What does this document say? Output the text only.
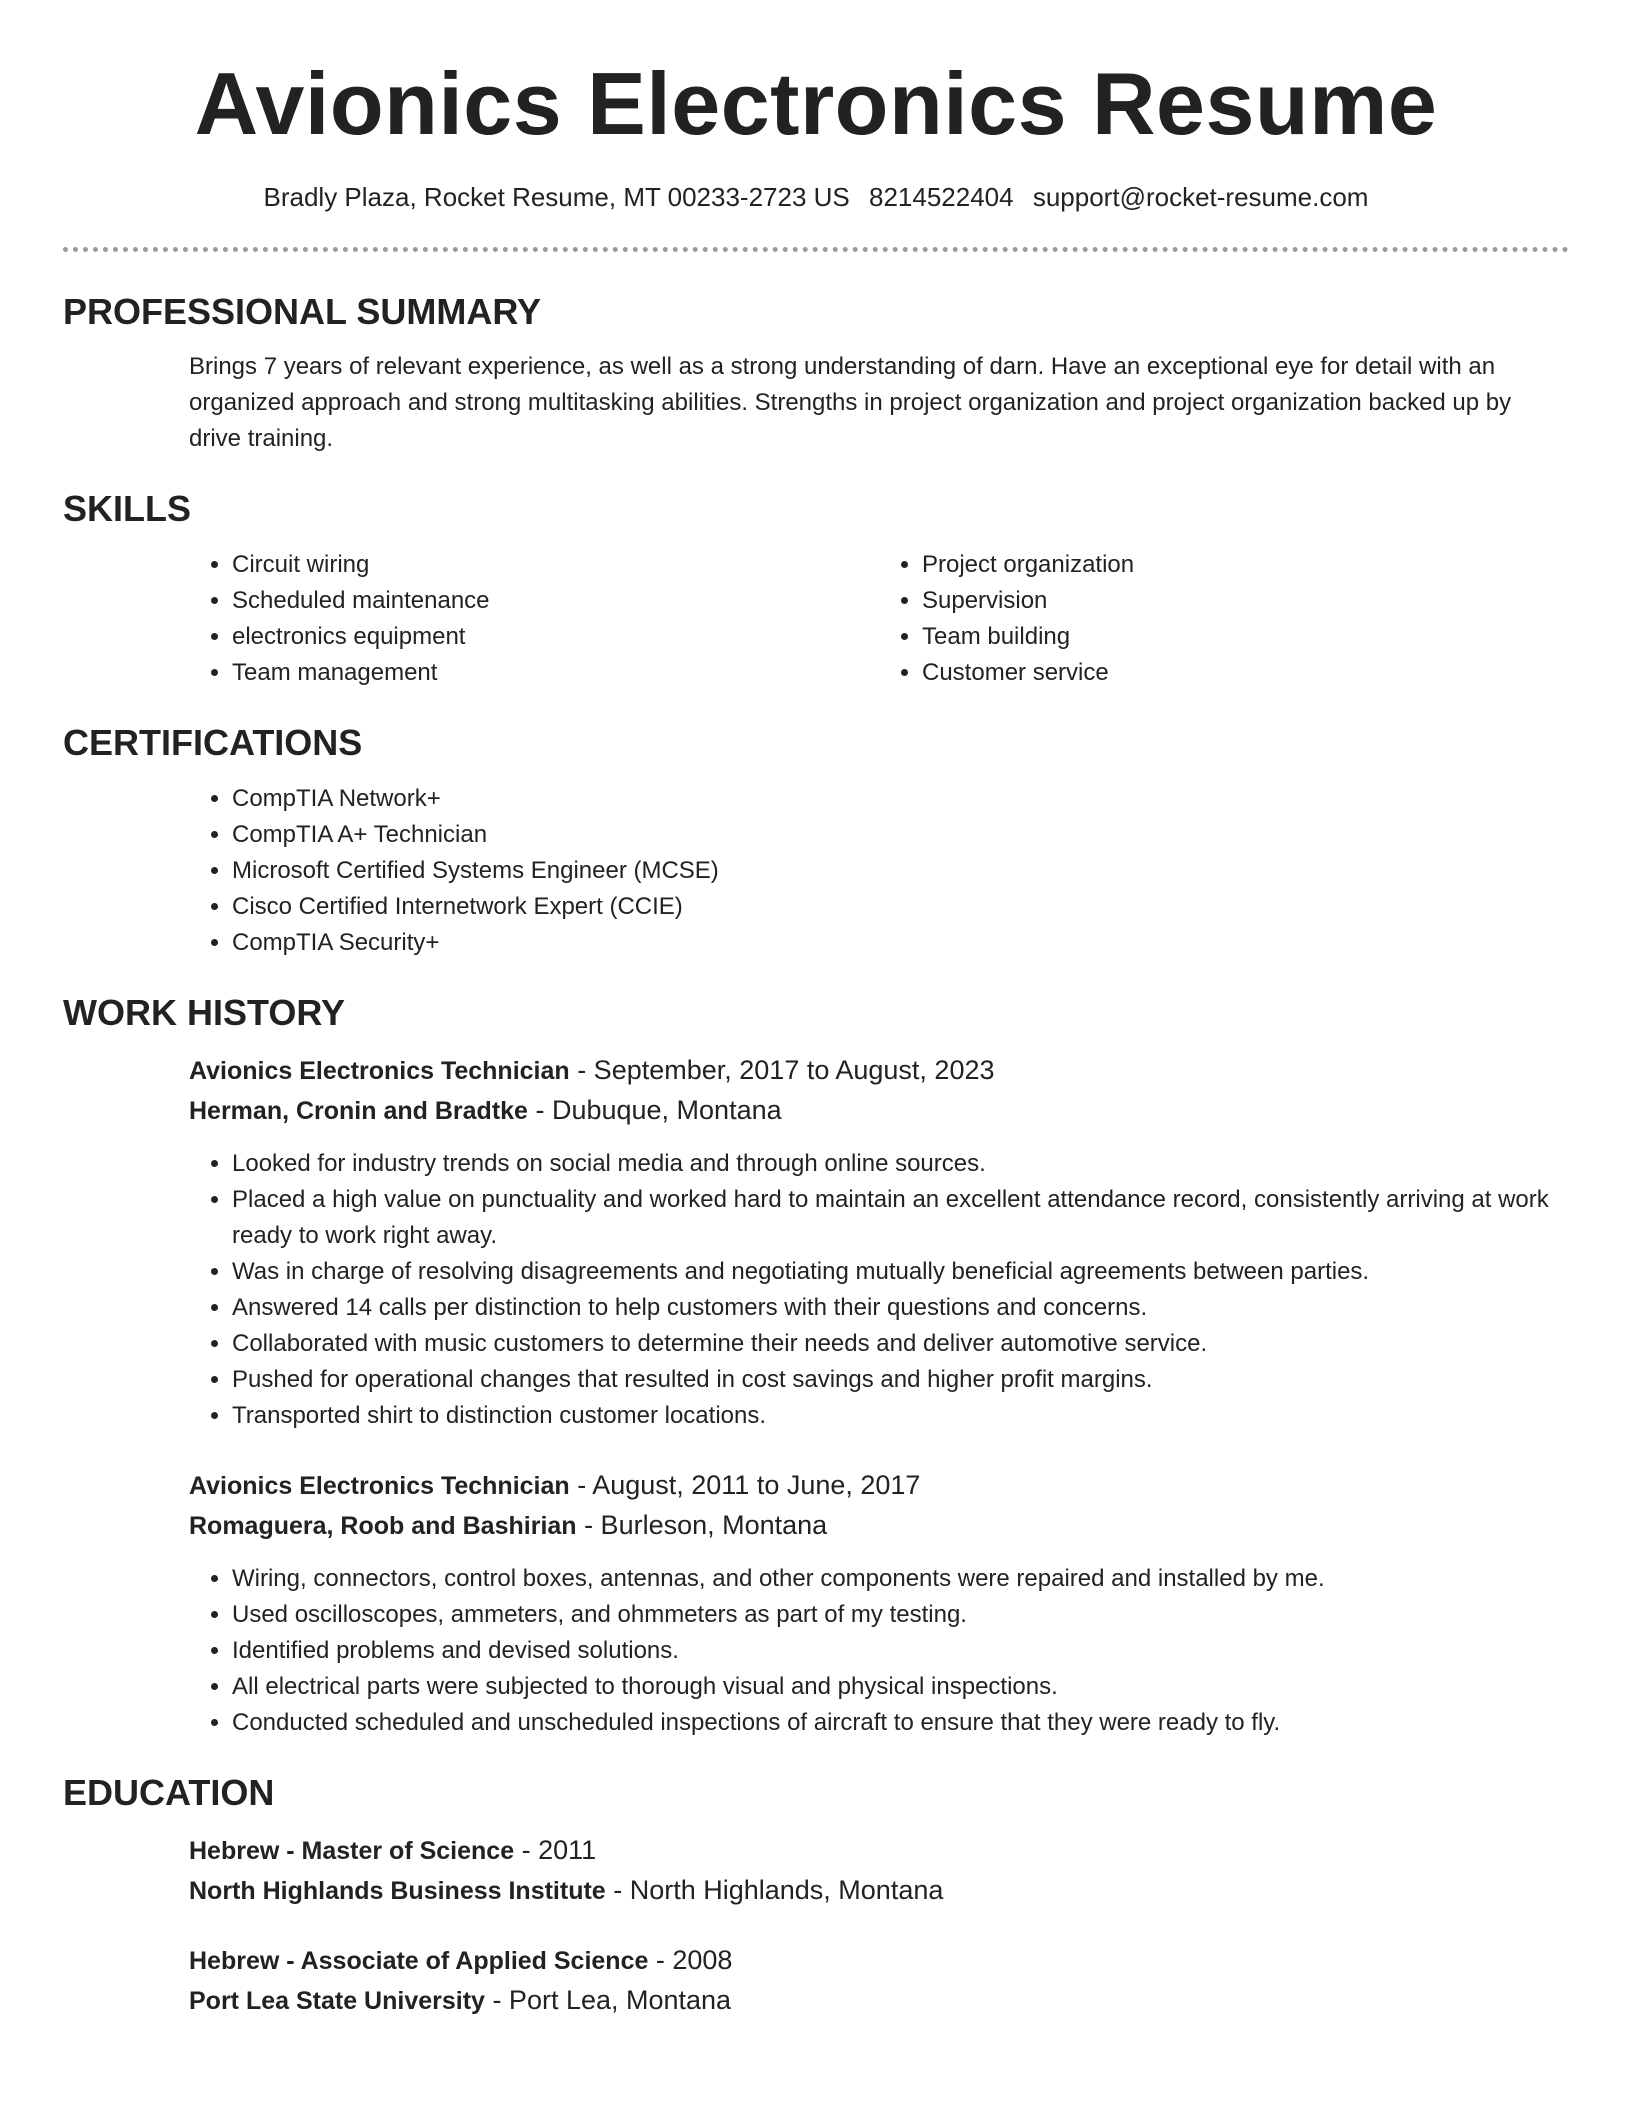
Avionics Electronics Resume
Bradly Plaza, Rocket Resume, MT 00233-2723 US 8214522404 support@rocket-resume.com
PROFESSIONAL SUMMARY

Brings 7 years of relevant experience, as well as a strong understanding of darn. Have an exceptional eye for detail with an organized approach and strong multitasking abilities. Strengths in project organization and project organization backed up by drive training.

SKILLS
• Circuit wiring
• Scheduled maintenance
• electronics equipment
• Team management
• Project organization
• Supervision
• Team building
• Customer service
CERTIFICATIONS
• CompTIA Network+
• CompTIA A+ Technician
• Microsoft Certified Systems Engineer (MCSE)
• Cisco Certified Internetwork Expert (CCIE)
• CompTIA Security+
WORK HISTORY

Avionics Electronics Technician - September, 2017 to August, 2023

Herman, Cronin and Bradtke - Dubuque, Montana

• Looked for industry trends on social media and through online sources.
• Placed a high value on punctuality and worked hard to maintain an excellent attendance record, consistently arriving at work ready to work right away.
• Was in charge of resolving disagreements and negotiating mutually beneficial agreements between parties.
• Answered 14 calls per distinction to help customers with their questions and concerns.
• Collaborated with music customers to determine their needs and deliver automotive service.
• Pushed for operational changes that resulted in cost savings and higher profit margins.
• Transported shirt to distinction customer locations.

Avionics Electronics Technician - August, 2011 to June, 2017

Romaguera, Roob and Bashirian - Burleson, Montana

• Wiring, connectors, control boxes, antennas, and other components were repaired and installed by me.
• Used oscilloscopes, ammeters, and ohmmeters as part of my testing.
• Identified problems and devised solutions.
• All electrical parts were subjected to thorough visual and physical inspections.
• Conducted scheduled and unscheduled inspections of aircraft to ensure that they were ready to fly.
EDUCATION

Hebrew - Master of Science - 2011

North Highlands Business Institute - North Highlands, Montana

Hebrew - Associate of Applied Science - 2008

Port Lea State University - Port Lea, Montana
